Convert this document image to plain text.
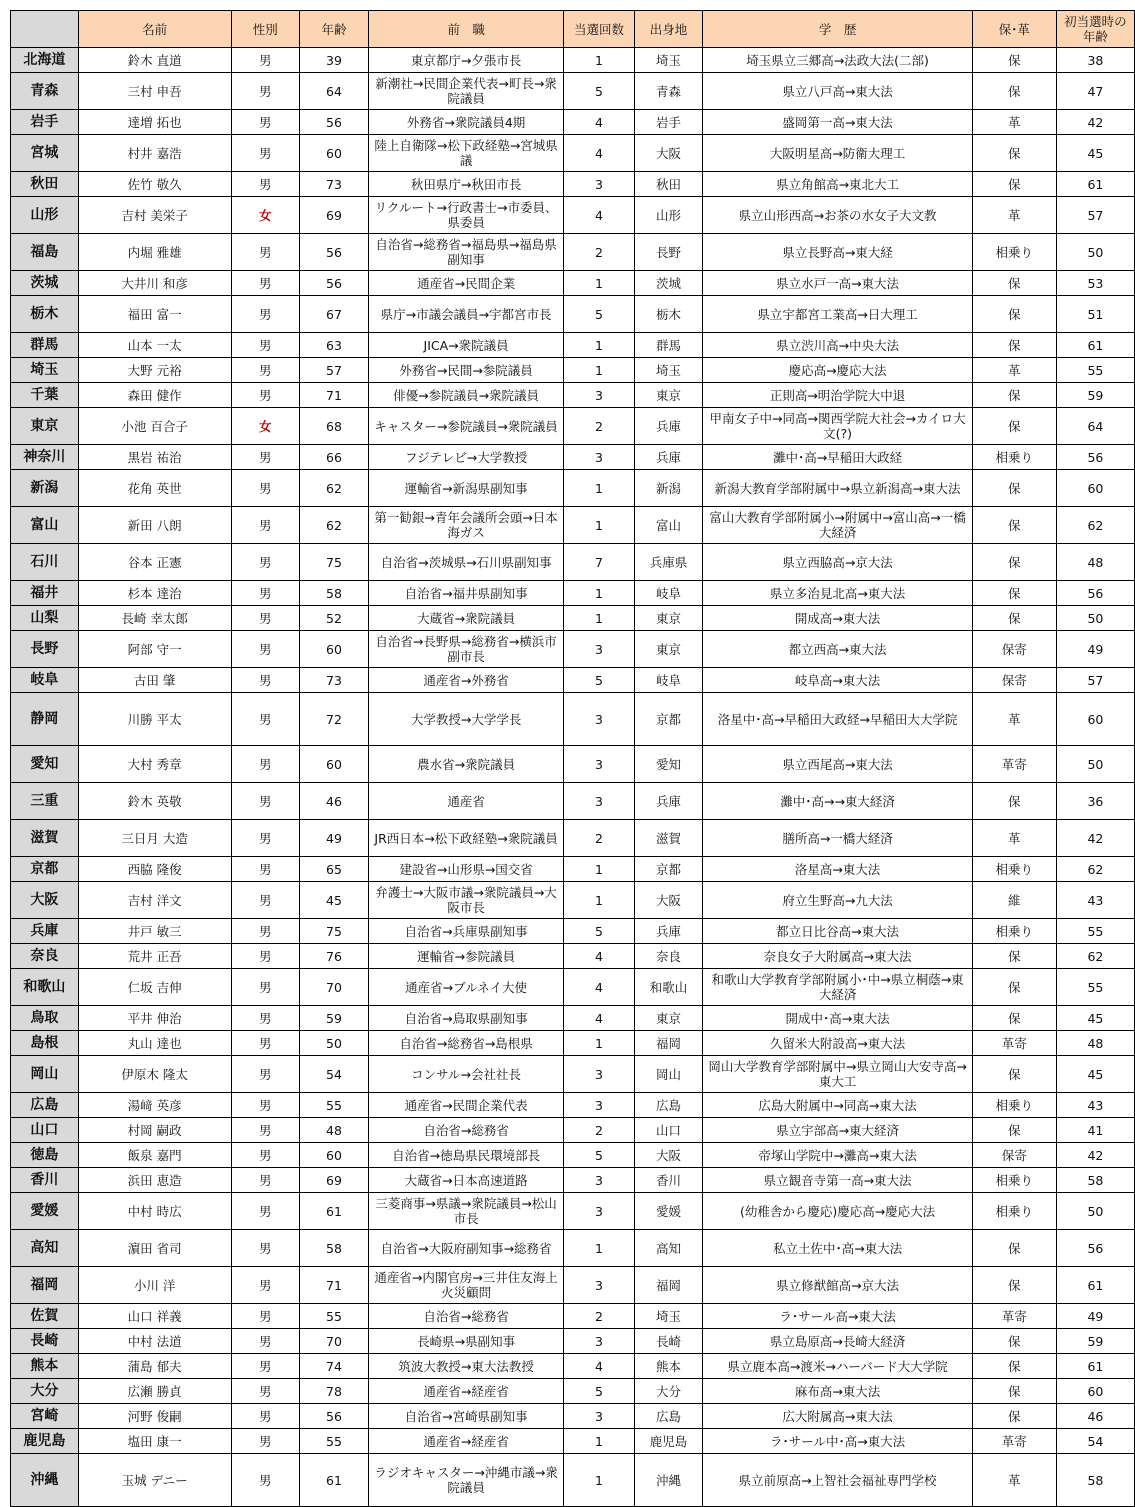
	名前	性別	年齢	前　職	当選回数	出身地	学　歴	保･革	初当選時の年齢
北海道	鈴木 直道	男	39	東京都庁→夕張市長	1	埼玉	埼玉県立三郷高→法政大法(二部)	保	38
青森	三村 申吾	男	64	新潮社→民間企業代表→町長→衆院議員	5	青森	県立八戸高→東大法	保	47
岩手	達増 拓也	男	56	外務省→衆院議員4期	4	岩手	盛岡第一高→東大法	革	42
宮城	村井 嘉浩	男	60	陸上自衛隊→松下政経塾→宮城県議	4	大阪	大阪明星高→防衛大理工	保	45
秋田	佐竹 敬久	男	73	秋田県庁→秋田市長	3	秋田	県立角館高→東北大工	保	61
山形	吉村 美栄子	女	69	リクルート→行政書士→市委員、県委員	4	山形	県立山形西高→お茶の水女子大文教	革	57
福島	内堀 雅雄	男	56	自治省→総務省→福島県→福島県副知事	2	長野	県立長野高→東大経	相乗り	50
茨城	大井川 和彦	男	56	通産省→民間企業	1	茨城	県立水戸一高→東大法	保	53
栃木	福田 富一	男	67	県庁→市議会議員→宇都宮市長	5	栃木	県立宇都宮工業高→日大理工	保	51
群馬	山本 一太	男	63	JICA→衆院議員	1	群馬	県立渋川高→中央大法	保	61
埼玉	大野 元裕	男	57	外務省→民間→参院議員	1	埼玉	慶応高→慶応大法	革	55
千葉	森田 健作	男	71	俳優→参院議員→衆院議員	3	東京	正則高→明治学院大中退	保	59
東京	小池 百合子	女	68	キャスター→参院議員→衆院議員	2	兵庫	甲南女子中→同高→関西学院大社会→カイロ大文(?)	保	64
神奈川	黒岩 祐治	男	66	フジテレビ→大学教授	3	兵庫	灘中･高→早稲田大政経	相乗り	56
新潟	花角 英世	男	62	運輸省→新潟県副知事	1	新潟	新潟大教育学部附属中→県立新潟高→東大法	保	60
富山	新田 八朗	男	62	第一勧銀→青年会議所会頭→日本海ガス	1	富山	富山大教育学部附属小→附属中→富山高→一橋大経済	保	62
石川	谷本 正憲	男	75	自治省→茨城県→石川県副知事	7	兵庫県	県立西脇高→京大法	保	48
福井	杉本 達治	男	58	自治省→福井県副知事	1	岐阜	県立多治見北高→東大法	保	56
山梨	長崎 幸太郎	男	52	大蔵省→衆院議員	1	東京	開成高→東大法	保	50
長野	阿部 守一	男	60	自治省→長野県→総務省→横浜市副市長	3	東京	都立西高→東大法	保寄	49
岐阜	古田 肇	男	73	通産省→外務省	5	岐阜	岐阜高→東大法	保寄	57
静岡	川勝 平太	男	72	大学教授→大学学長	3	京都	洛星中･高→早稲田大政経→早稲田大大学院	革	60
愛知	大村 秀章	男	60	農水省→衆院議員	3	愛知	県立西尾高→東大法	革寄	50
三重	鈴木 英敬	男	46	通産省	3	兵庫	灘中･高→→東大経済	保	36
滋賀	三日月 大造	男	49	JR西日本→松下政経塾→衆院議員	2	滋賀	膳所高→一橋大経済	革	42
京都	西脇 隆俊	男	65	建設省→山形県→国交省	1	京都	洛星高→東大法	相乗り	62
大阪	吉村 洋文	男	45	弁護士→大阪市議→衆院議員→大阪市長	1	大阪	府立生野高→九大法	維	43
兵庫	井戸 敏三	男	75	自治省→兵庫県副知事	5	兵庫	都立日比谷高→東大法	相乗り	55
奈良	荒井 正吾	男	76	運輸省→参院議員	4	奈良	奈良女子大附属高→東大法	保	62
和歌山	仁坂 吉伸	男	70	通産省→ブルネイ大使	4	和歌山	和歌山大学教育学部附属小･中→県立桐蔭→東大経済	保	55
鳥取	平井 伸治	男	59	自治省→鳥取県副知事	4	東京	開成中･高→東大法	保	45
島根	丸山 達也	男	50	自治省→総務省→島根県	1	福岡	久留米大附設高→東大法	革寄	48
岡山	伊原木 隆太	男	54	コンサル→会社社長	3	岡山	岡山大学教育学部附属中→県立岡山大安寺高→東大工	保	45
広島	湯﨑 英彦	男	55	通産省→民間企業代表	3	広島	広島大附属中→同高→東大法	相乗り	43
山口	村岡 嗣政	男	48	自治省→総務省	2	山口	県立宇部高→東大経済	保	41
徳島	飯泉 嘉門	男	60	自治省→徳島県民環境部長	5	大阪	帝塚山学院中→灘高→東大法	保寄	42
香川	浜田 恵造	男	69	大蔵省→日本高速道路	3	香川	県立観音寺第一高→東大法	相乗り	58
愛媛	中村 時広	男	61	三菱商事→県議→衆院議員→松山市長	3	愛媛	(幼稚舎から慶応)慶応高→慶応大法	相乗り	50
高知	濵田 省司	男	58	自治省→大阪府副知事→総務省	1	高知	私立土佐中･高→東大法	保	56
福岡	小川 洋	男	71	通産省→内閣官房→三井住友海上火災顧問	3	福岡	県立修猷館高→京大法	保	61
佐賀	山口 祥義	男	55	自治省→総務省	2	埼玉	ラ･サール高→東大法	革寄	49
長崎	中村 法道	男	70	長崎県→県副知事	3	長崎	県立島原高→長崎大経済	保	59
熊本	蒲島 郁夫	男	74	筑波大教授→東大法教授	4	熊本	県立鹿本高→渡米→ハーバード大大学院	保	61
大分	広瀬 勝貞	男	78	通産省→経産省	5	大分	麻布高→東大法	保	60
宮崎	河野 俊嗣	男	56	自治省→宮崎県副知事	3	広島	広大附属高→東大法	保	46
鹿児島	塩田 康一	男	55	通産省→経産省	1	鹿児島	ラ･サール中･高→東大法	革寄	54
沖縄	玉城 デニー	男	61	ラジオキャスター→沖縄市議→衆院議員	1	沖縄	県立前原高→上智社会福祉専門学校	革	58
